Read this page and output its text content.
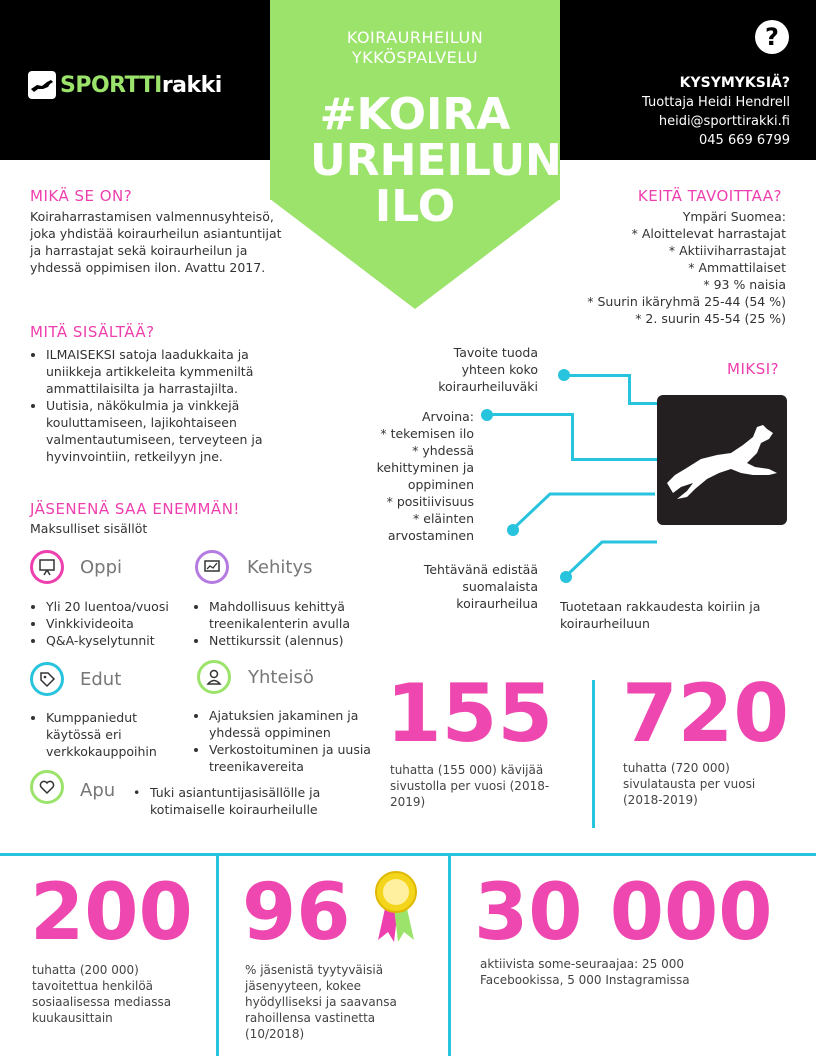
KOIRAURHEILUN YKKÖSPALVELU
#KOIRA URHEILUN ILO
SPORTTIrakki
?
KYSYMYKSIÄ?
Tuottaja Heidi Hendrell
heidi@sporttirakki.fi
045 669 6799
MIKÄ SE ON?
Koiraharrastamisen valmennusyhteisö, joka yhdistää koiraurheilun asiantuntijat ja harrastajat sekä koiraurheilun ja yhdessä oppimisen ilon. Avattu 2017.
MITÄ SISÄLTÄÄ?
• ILMAISEKSI satoja laadukkaita ja uniikkeja artikkeleita kymmeniltä ammattilaisilta ja harrastajilta.
• Uutisia, näkökulmia ja vinkkejä kouluttamiseen, lajikohtaiseen valmentautumiseen, terveyteen ja hyvinvointiin, retkeilyyn jne.
JÄSENENÄ SAA ENEMMÄN!
Maksulliset sisällöt
Oppi
• Yli 20 luentoa/vuosi
• Vinkkivideoita
• Q&A-kyselytunnit
Kehitys
• Mahdollisuus kehittyä treenikalenterin avulla
• Nettikurssit (alennus)
Edut
• Kumppaniedut käytössä eri verkkokauppoihin
Yhteisö
• Ajatuksien jakaminen ja yhdessä oppiminen
• Verkostoituminen ja uusia treenikavereita
Apu • Tuki asiantuntijasisällölle ja kotimaiselle koiraurheilulle
KEITÄ TAVOITTAA?
Ympäri Suomea:
* Aloittelevat harrastajat
* Aktiiviharrastajat
* Ammattilaiset
* 93 % naisia
* Suurin ikäryhmä 25-44 (54 %)
* 2. suurin 45-54 (25 %)
MIKSI?
Tavoite tuoda yhteen koko koiraurheiluväki
Arvoina:
* tekemisen ilo
* yhdessä kehittyminen ja oppiminen
* positiivisuus
* eläinten arvostaminen
Tehtävänä edistää suomalaista koiraurheilua Tuotetaan rakkaudesta koiriin ja koiraurheiluun
155
tuhatta (155 000) kävijää sivustolla per vuosi (2018-2019)
720
tuhatta (720 000) sivulatausta per vuosi (2018-2019)
200
tuhatta (200 000) tavoitettua henkilöä sosiaalisessa mediassa kuukausittain
96
% jäsenistä tyytyväisiä jäsenyyteen, kokee hyödylliseksi ja saavansa rahoillensa vastinetta (10/2018)
30 000
aktiivista some-seuraajaa: 25 000 Facebookissa, 5 000 Instagramissa
